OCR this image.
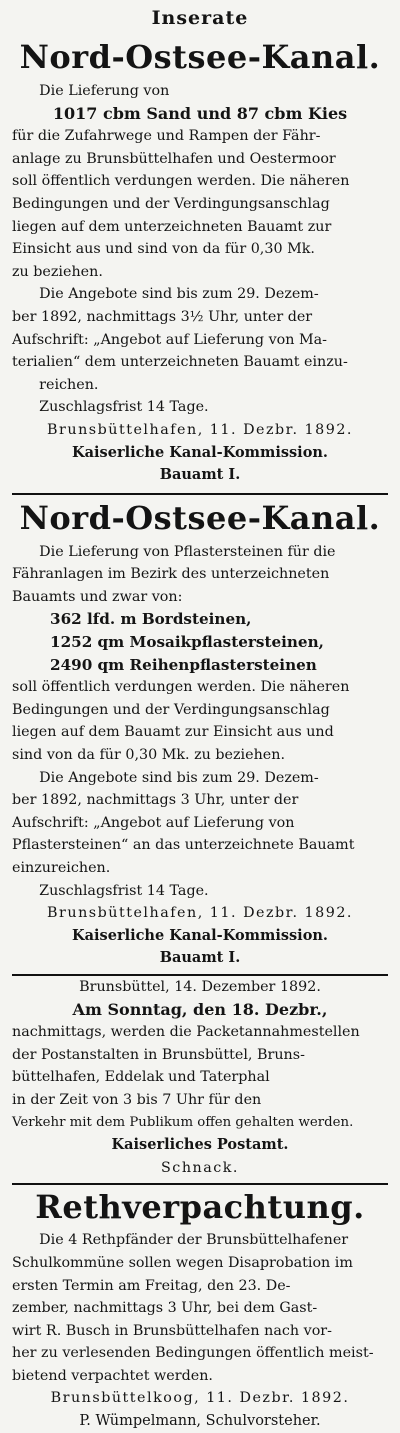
Inserate
Nord-Ostsee-Kanal.

Die Lieferung von

1017 cbm Sand und 87 cbm Kies

für die Zufahrwege und Rampen der Fähr-

anlage zu Brunsbüttelhafen und Oestermoor

soll öffentlich verdungen werden. Die näheren

Bedingungen und der Verdingungsanschlag

liegen auf dem unterzeichneten Bauamt zur

Einsicht aus und sind von da für 0,30 Mk.

zu beziehen.

Die Angebote sind bis zum 29. Dezem-

ber 1892, nachmittags 3½ Uhr, unter der

Aufschrift: „Angebot auf Lieferung von Ma-

terialien“ dem unterzeichneten Bauamt einzu-

reichen.

Zuschlagsfrist 14 Tage.

Brunsbüttelhafen, 11. Dezbr. 1892.

Kaiserliche Kanal-Kommission.

Bauamt I.

Nord-Ostsee-Kanal.

Die Lieferung von Pflastersteinen für die

Fähranlagen im Bezirk des unterzeichneten

Bauamts und zwar von:

362 lfd. m Bordsteinen,

1252 qm Mosaikpflastersteinen,

2490 qm Reihenpflastersteinen

soll öffentlich verdungen werden. Die näheren

Bedingungen und der Verdingungsanschlag

liegen auf dem Bauamt zur Einsicht aus und

sind von da für 0,30 Mk. zu beziehen.

Die Angebote sind bis zum 29. Dezem-

ber 1892, nachmittags 3 Uhr, unter der

Aufschrift: „Angebot auf Lieferung von

Pflastersteinen“ an das unterzeichnete Bauamt

einzureichen.

Zuschlagsfrist 14 Tage.

Brunsbüttelhafen, 11. Dezbr. 1892.

Kaiserliche Kanal-Kommission.

Bauamt I.

Brunsbüttel, 14. Dezember 1892.

Am Sonntag, den 18. Dezbr.,

nachmittags, werden die Packetannahmestellen

der Postanstalten in Brunsbüttel, Bruns-

büttelhafen, Eddelak und Taterphal

in der Zeit von 3 bis 7 Uhr für den

Verkehr mit dem Publikum offen gehalten werden.

Kaiserliches Postamt.

Schnack.

Rethverpachtung.

Die 4 Rethpfänder der Brunsbüttelhafener

Schulkommüne sollen wegen Disaprobation im

ersten Termin am Freitag, den 23. De-

zember, nachmittags 3 Uhr, bei dem Gast-

wirt R. Busch in Brunsbüttelhafen nach vor-

her zu verlesenden Bedingungen öffentlich meist-

bietend verpachtet werden.

Brunsbüttelkoog, 11. Dezbr. 1892.

P. Wümpelmann, Schulvorsteher.
